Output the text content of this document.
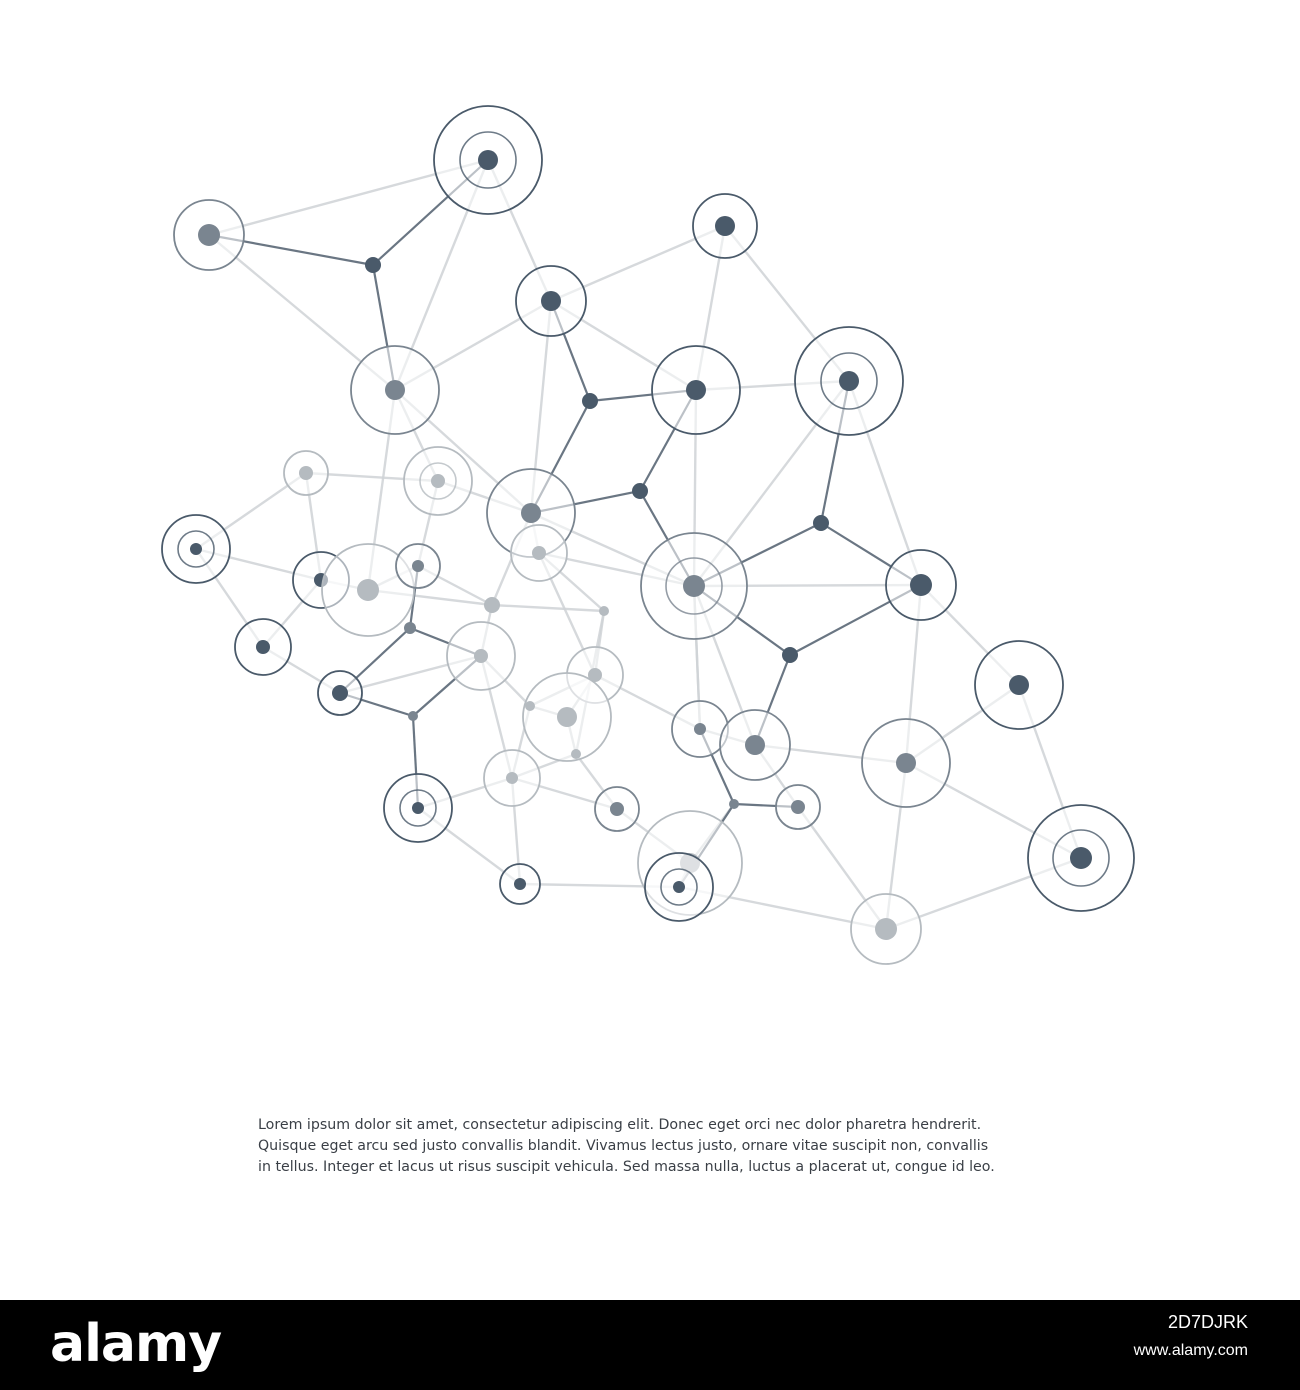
Lorem ipsum dolor sit amet, consectetur adipiscing elit. Donec eget orci nec dolor pharetra hendrerit.
Quisque eget arcu sed justo convallis blandit. Vivamus lectus justo, ornare vitae suscipit non, convallis
in tellus. Integer et lacus ut risus suscipit vehicula. Sed massa nulla, luctus a placerat ut, congue id leo.
alamy	2D7DJRK
www.alamy.com
